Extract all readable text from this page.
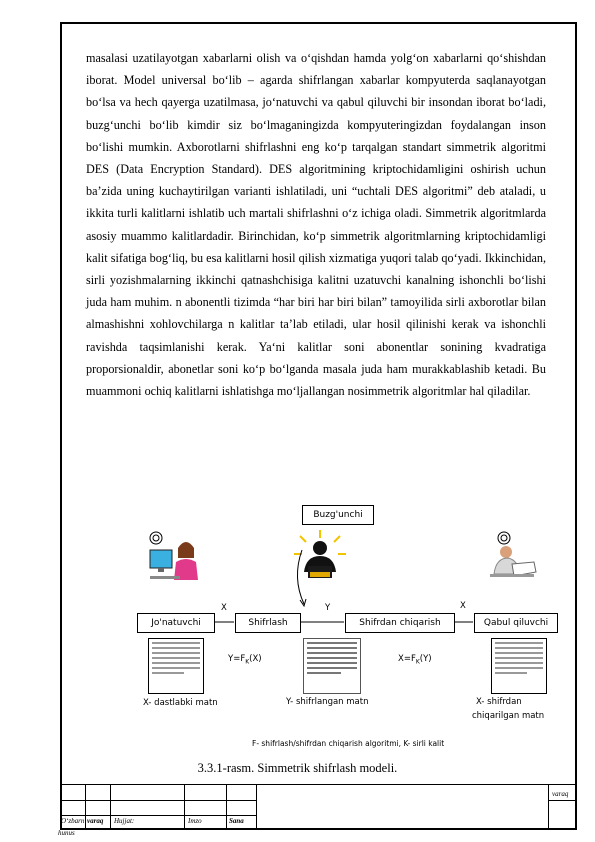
masalasi uzatilayotgan xabarlarni olish va o‘qishdan hamda yolg‘on xabarlarni qo‘shishdan iborat. Model universal bo‘lib – agarda shifrlangan xabarlar kompyuterda saqlanayotgan bo‘lsa va hech qayerga uzatilmasa, jo‘natuvchi va qabul qiluvchi bir insondan iborat bo‘ladi, buzg‘unchi bo‘lib kimdir siz bo‘lmaganingizda kompyuteringizdan foydalangan inson bo‘lishi mumkin. Axborotlarni shifrlashni eng ko‘p tarqalgan standart simmetrik algoritmi DES (Data Encryption Standard). DES algoritmining kriptochidamligini oshirish uchun ba’zida uning kuchaytirilgan varianti ishlatiladi, uni “uchtali DES algoritmi” deb ataladi, u ikkita turli kalitlarni ishlatib uch martali shifrlashni o‘z ichiga oladi. Simmetrik algoritmlarda asosiy muammo kalitlardadir. Birinchidan, ko‘p simmetrik algoritmlarning kriptochidamligi kalit sifatiga bog‘liq, bu esa kalitlarni hosil qilish xizmatiga yuqori talab qo‘yadi. Ikkinchidan, sirli yozishmalarning ikkinchi qatnashchisiga kalitni uzatuvchi kanalning ishonchli bo‘lishi juda ham muhim. n abonentli tizimda “har biri har biri bilan” tamoyilida sirli axborotlar bilan almashishni xohlovchilarga n kalitlar ta’lab etiladi, ular hosil qilinishi kerak va ishonchli ravishda taqsimlanishi kerak. Yaʻni kalitlar soni abonentlar sonining kvadratiga proporsionaldir, abonetlar soni ko‘p bo‘lganda masala juda ham murakkablashib ketadi. Bu muammoni ochiq kalitlarni ishlatishga mo‘ljallangan nosimmetrik algoritmlar hal qiladilar.

Buzg'unchi
Jo'natuvchi	Shifrlash	Shifrdan chiqarish	Qabul qiluvchi
X	Y	X
$Y=F_K(X)$	$X=F_K(Y)$
X- dastlabki matn	Y- shifrlangan matn	X- shifrdan
chiqarilgan matn
F- shifrlash/shifrdan chiqarish algoritmi, K- sirli kalit
3.3.1-rasm. Simmetrik shifrlash modeli.
O‘zbarn varaq Hujjat:	Imzo	Sana
hunus
varaq
